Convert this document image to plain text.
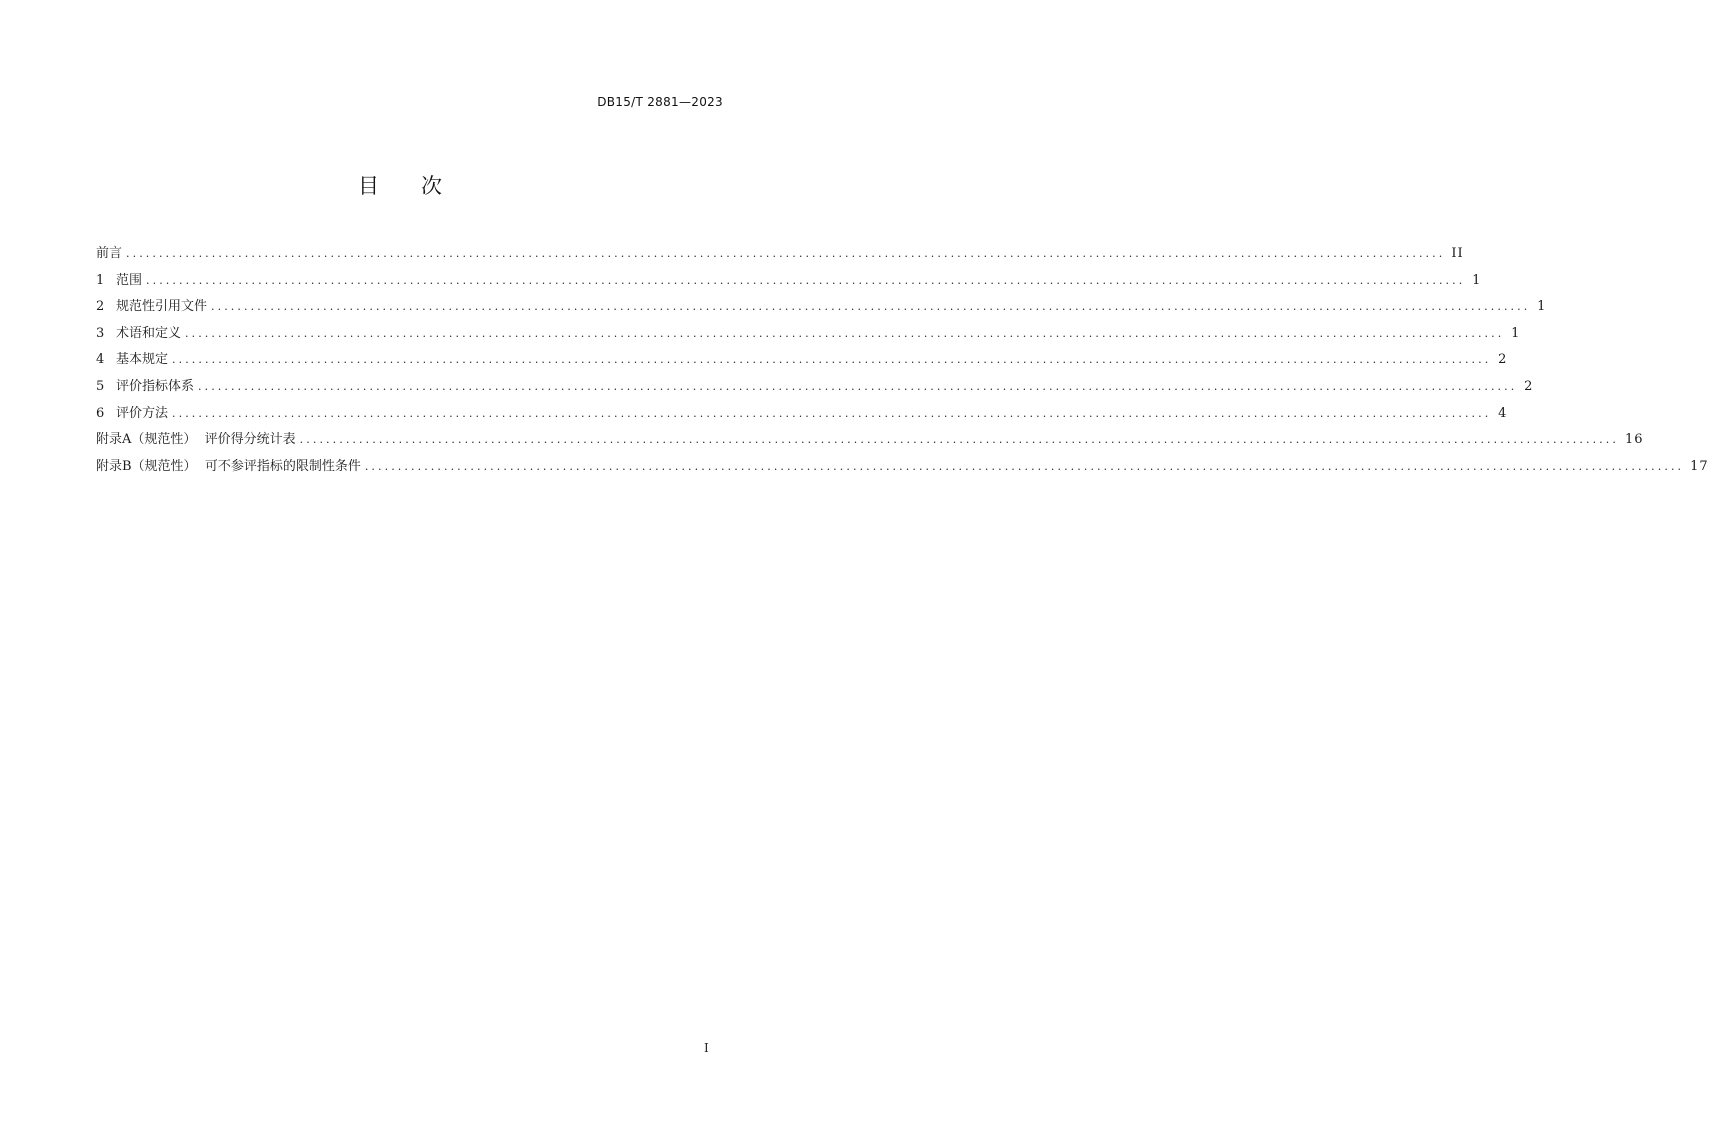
DB15/T 2881—2023
目次
前言 ........................................................................................................................................................................................................ II
1 范围 ........................................................................................................................................................................................................ 1
2 规范性引用文件 ........................................................................................................................................................................................................ 1
3 术语和定义 ........................................................................................................................................................................................................ 1
4 基本规定 ........................................................................................................................................................................................................ 2
5 评价指标体系 ........................................................................................................................................................................................................ 2
6 评价方法 ........................................................................................................................................................................................................ 4
附录A（规范性）  评价得分统计表 ........................................................................................................................................................................................................ 16
附录B（规范性）  可不参评指标的限制性条件 ........................................................................................................................................................................................................ 17
I
